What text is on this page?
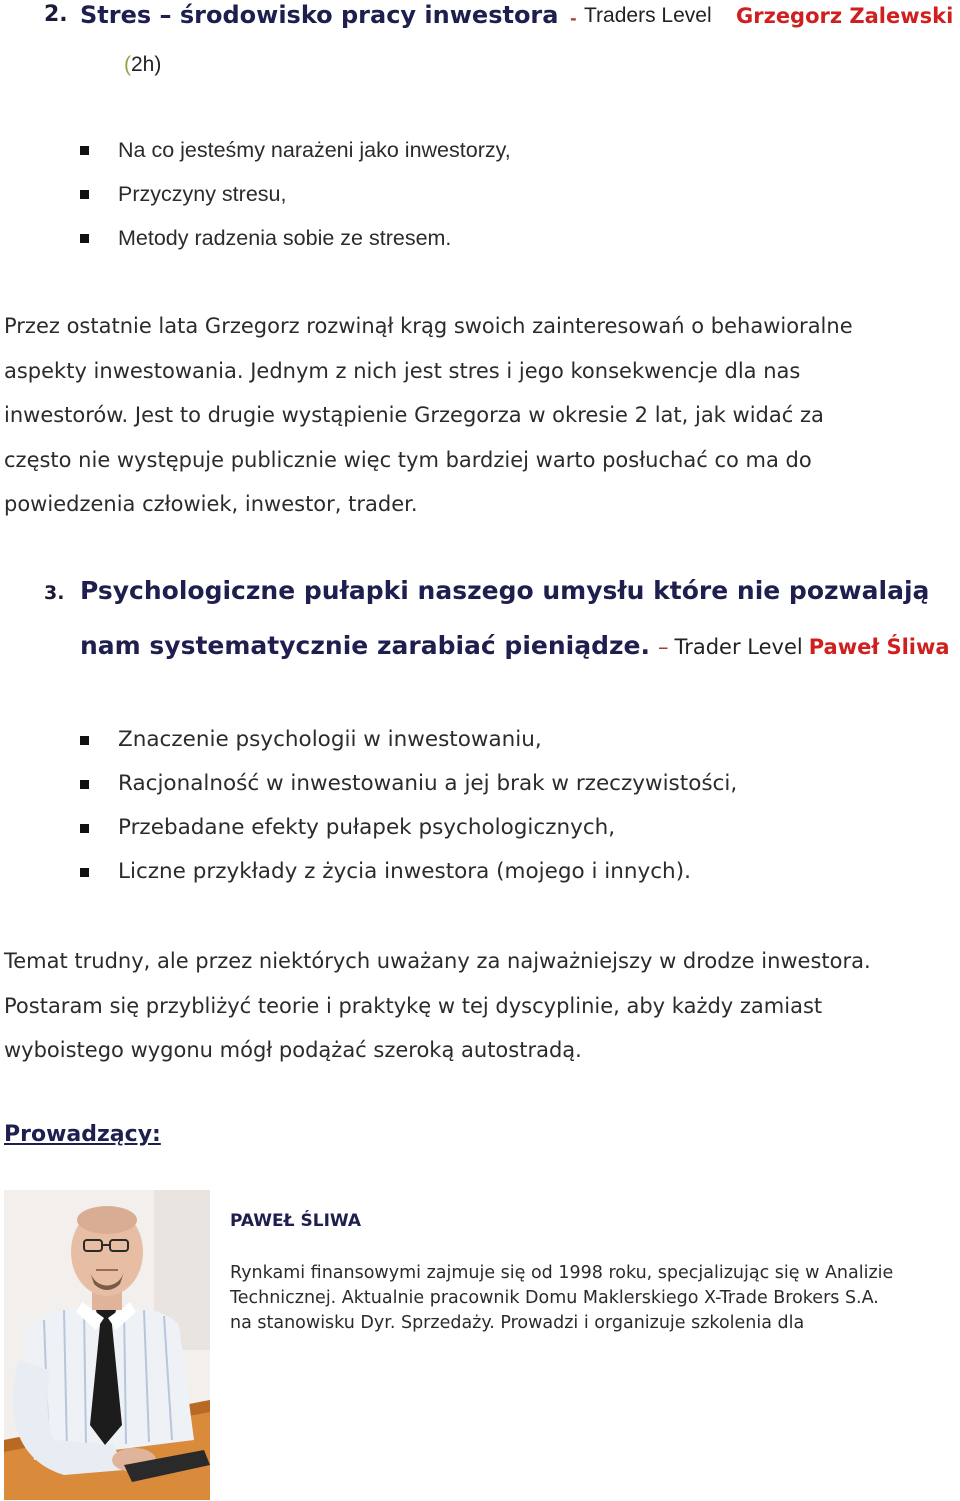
2. Stres – środowisko pracy inwestora - Traders Level Grzegorz Zalewski
(2h)
Na co jesteśmy narażeni jako inwestorzy,
Przyczyny stresu,
Metody radzenia sobie ze stresem.
Przez ostatnie lata Grzegorz rozwinął krąg swoich zainteresowań o behawioralne
aspekty inwestowania. Jednym z nich jest stres i jego konsekwencje dla nas
inwestorów. Jest to drugie wystąpienie Grzegorza w okresie 2 lat, jak widać za
często nie występuje publicznie więc tym bardziej warto posłuchać co ma do
powiedzenia człowiek, inwestor, trader.
3. Psychologiczne pułapki naszego umysłu które nie pozwalają
nam systematycznie zarabiać pieniądze. – Trader Level Paweł Śliwa
Znaczenie psychologii w inwestowaniu,
Racjonalność w inwestowaniu a jej brak w rzeczywistości,
Przebadane efekty pułapek psychologicznych,
Liczne przykłady z życia inwestora (mojego i innych).
Temat trudny, ale przez niektórych uważany za najważniejszy w drodze inwestora.
Postaram się przybliżyć teorie i praktykę w tej dyscyplinie, aby każdy zamiast
wyboistego wygonu mógł podążać szeroką autostradą.
Prowadzący:
PAWEŁ ŚLIWA
Rynkami finansowymi zajmuje się od 1998 roku, specjalizując się w Analizie
Technicznej. Aktualnie pracownik Domu Maklerskiego X-Trade Brokers S.A.
na stanowisku Dyr. Sprzedaży. Prowadzi i organizuje szkolenia dla
